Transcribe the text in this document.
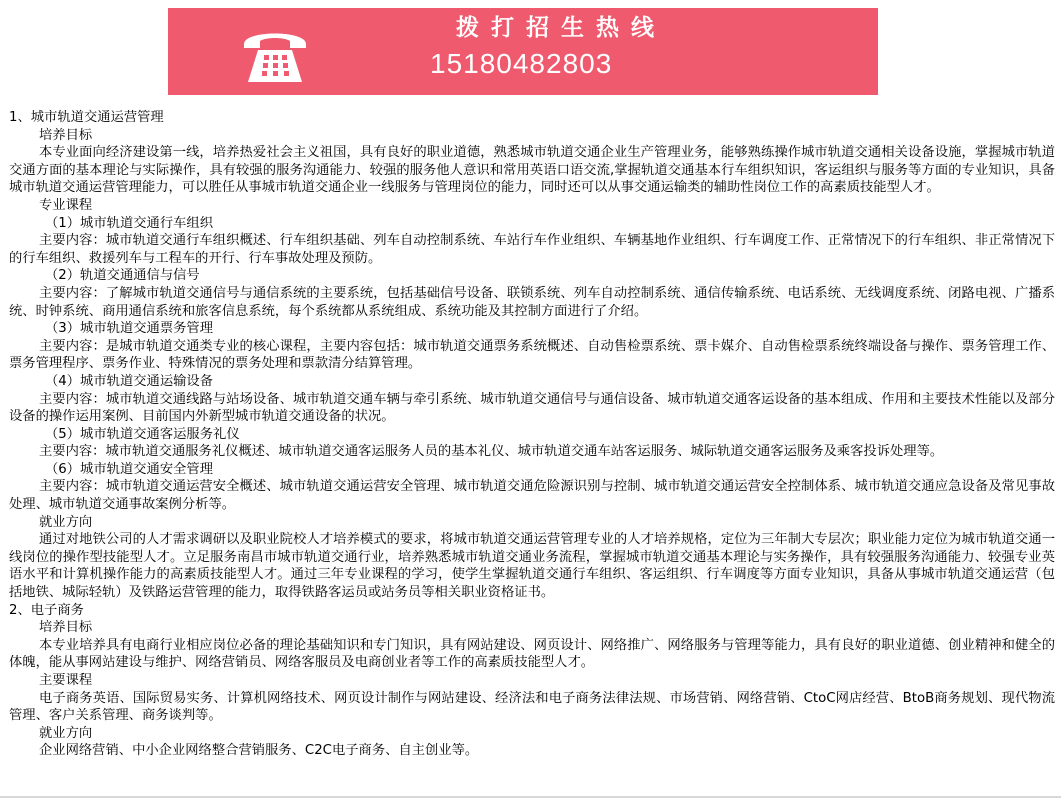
拨打招生热线
15180482803
1、城市轨道交通运营管理
培养目标
本专业面向经济建设第一线，培养热爱社会主义祖国，具有良好的职业道德，熟悉城市轨道交通企业生产管理业务，能够熟练操作城市轨道交通相关设备设施，掌握城市轨道交通方面的基本理论与实际操作，具有较强的服务沟通能力、较强的服务他人意识和常用英语口语交流,掌握轨道交通基本行车组织知识，客运组织与服务等方面的专业知识，具备城市轨道交通运营管理能力，可以胜任从事城市轨道交通企业一线服务与管理岗位的能力，同时还可以从事交通运输类的辅助性岗位工作的高素质技能型人才。
专业课程
（1）城市轨道交通行车组织
主要内容：城市轨道交通行车组织概述、行车组织基础、列车自动控制系统、车站行车作业组织、车辆基地作业组织、行车调度工作、正常情况下的行车组织、非正常情况下的行车组织、救援列车与工程车的开行、行车事故处理及预防。
（2）轨道交通通信与信号
主要内容：了解城市轨道交通信号与通信系统的主要系统，包括基础信号设备、联锁系统、列车自动控制系统、通信传输系统、电话系统、无线调度系统、闭路电视、广播系统、时钟系统、商用通信系统和旅客信息系统，每个系统都从系统组成、系统功能及其控制方面进行了介绍。
（3）城市轨道交通票务管理
主要内容：是城市轨道交通类专业的核心课程，主要内容包括：城市轨道交通票务系统概述、自动售检票系统、票卡媒介、自动售检票系统终端设备与操作、票务管理工作、票务管理程序、票务作业、特殊情况的票务处理和票款清分结算管理。
（4）城市轨道交通运输设备
主要内容：城市轨道交通线路与站场设备、城市轨道交通车辆与牵引系统、城市轨道交通信号与通信设备、城市轨道交通客运设备的基本组成、作用和主要技术性能以及部分设备的操作运用案例、目前国内外新型城市轨道交通设备的状况。
（5）城市轨道交通客运服务礼仪
主要内容：城市轨道交通服务礼仪概述、城市轨道交通客运服务人员的基本礼仪、城市轨道交通车站客运服务、城际轨道交通客运服务及乘客投诉处理等。
（6）城市轨道交通安全管理
主要内容：城市轨道交通运营安全概述、城市轨道交通运营安全管理、城市轨道交通危险源识别与控制、城市轨道交通运营安全控制体系、城市轨道交通应急设备及常见事故处理、城市轨道交通事故案例分析等。
就业方向
通过对地铁公司的人才需求调研以及职业院校人才培养模式的要求，将城市轨道交通运营管理专业的人才培养规格，定位为三年制大专层次；职业能力定位为城市轨道交通一线岗位的操作型技能型人才。立足服务南昌市城市轨道交通行业，培养熟悉城市轨道交通业务流程，掌握城市轨道交通基本理论与实务操作，具有较强服务沟通能力、较强专业英语水平和计算机操作能力的高素质技能型人才。通过三年专业课程的学习，使学生掌握轨道交通行车组织、客运组织、行车调度等方面专业知识，具备从事城市轨道交通运营（包括地铁、城际轻轨）及铁路运营管理的能力，取得铁路客运员或站务员等相关职业资格证书。
2、电子商务
培养目标
本专业培养具有电商行业相应岗位必备的理论基础知识和专门知识，具有网站建设、网页设计、网络推广、网络服务与管理等能力，具有良好的职业道德、创业精神和健全的体魄，能从事网站建设与维护、网络营销员、网络客服员及电商创业者等工作的高素质技能型人才。
主要课程
电子商务英语、国际贸易实务、计算机网络技术、网页设计制作与网站建设、经济法和电子商务法律法规、市场营销、网络营销、CtoC网店经营、BtoB商务规划、现代物流管理、客户关系管理、商务谈判等。
就业方向
企业网络营销、中小企业网络整合营销服务、C2C电子商务、自主创业等。
